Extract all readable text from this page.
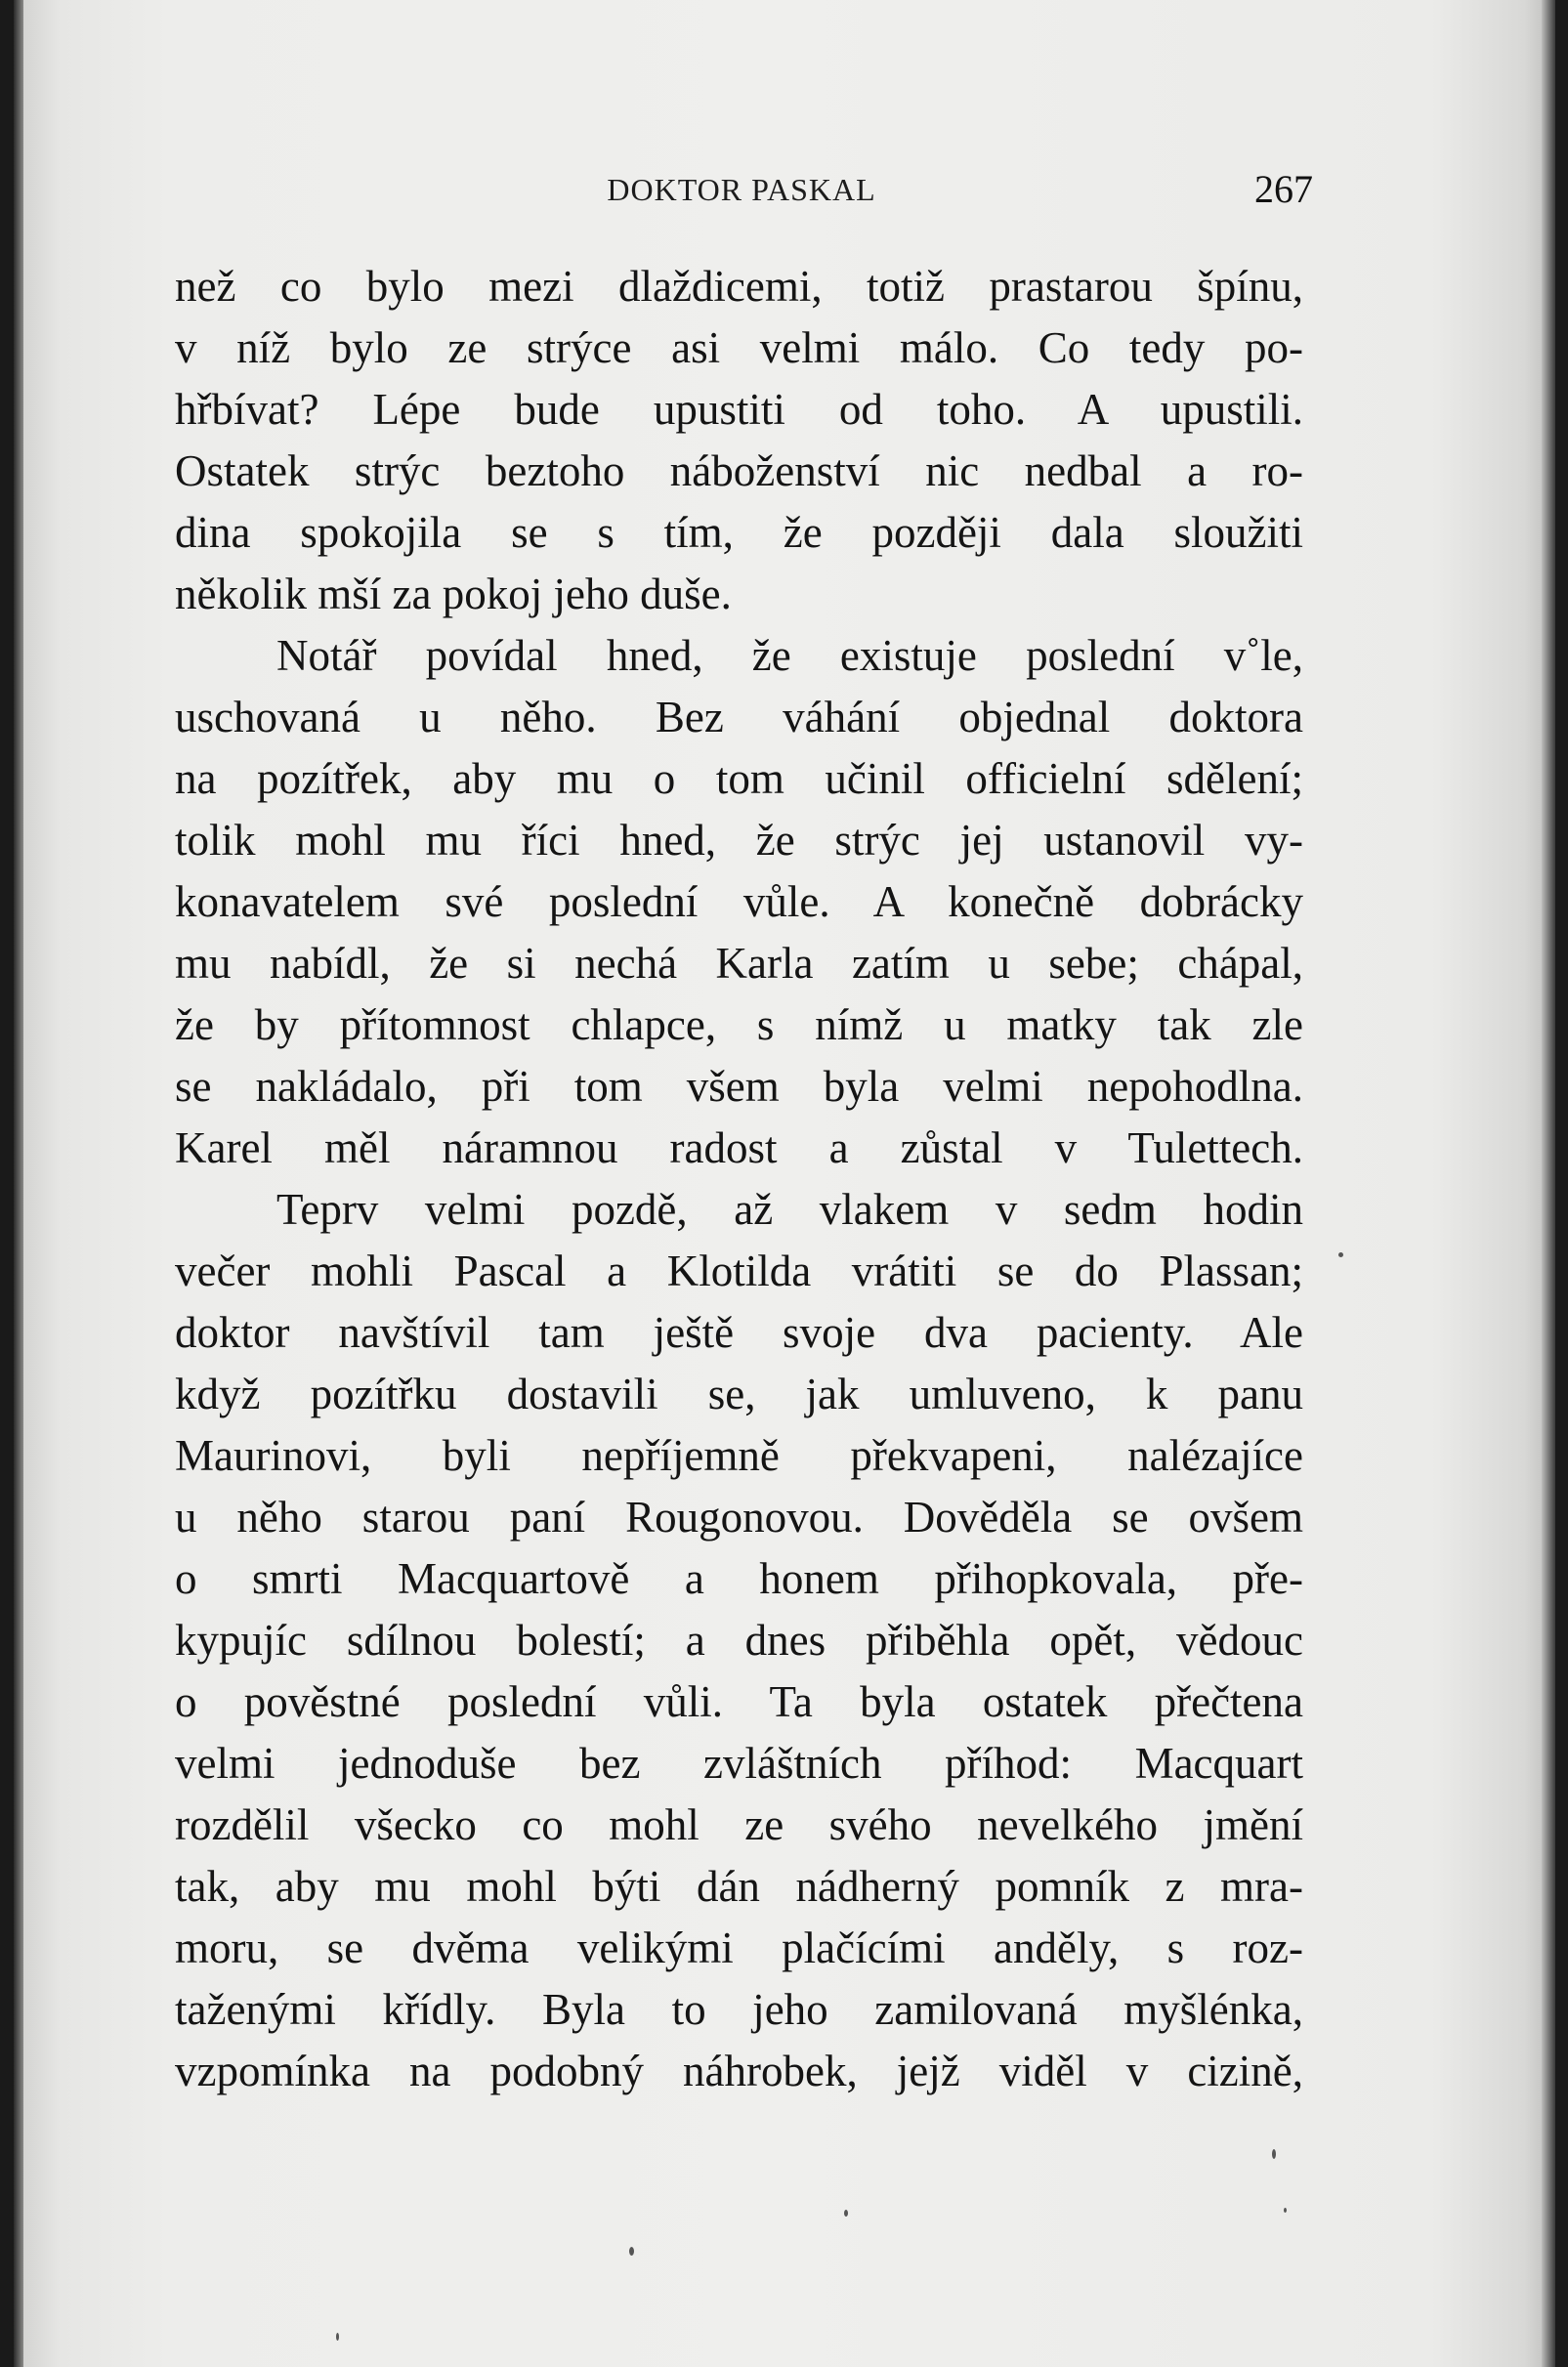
DOKTOR PASKAL	267
než co bylo mezi dlaždicemi, totiž prastarou špínu,
v níž bylo ze strýce asi velmi málo. Co tedy po-
hřbívat? Lépe bude upustiti od toho. A upustili.
Ostatek strýc beztoho náboženství nic nedbal a ro-
dina spokojila se s tím, že později dala sloužiti
několik mší za pokoj jeho duše.
Notář povídal hned, že existuje poslední v˚le,
uschovaná u něho. Bez váhání objednal doktora
na pozítřek, aby mu o tom učinil officielní sdělení;
tolik mohl mu říci hned, že strýc jej ustanovil vy-
konavatelem své poslední vůle. A konečně dobrácky
mu nabídl, že si nechá Karla zatím u sebe; chápal,
že by přítomnost chlapce, s nímž u matky tak zle
se nakládalo, při tom všem byla velmi nepohodlna.
Karel měl náramnou radost a zůstal v Tulettech.
Teprv velmi pozdě, až vlakem v sedm hodin
večer mohli Pascal a Klotilda vrátiti se do Plassan;
doktor navštívil tam ještě svoje dva pacienty. Ale
když pozítřku dostavili se, jak umluveno, k panu
Maurinovi, byli nepříjemně překvapeni, nalézajíce
u něho starou paní Rougonovou. Dověděla se ovšem
o smrti Macquartově a honem přihopkovala, pře-
kypujíc sdílnou bolestí; a dnes přiběhla opět, vědouc
o pověstné poslední vůli. Ta byla ostatek přečtena
velmi jednoduše bez zvláštních příhod: Macquart
rozdělil všecko co mohl ze svého nevelkého jmění
tak, aby mu mohl býti dán nádherný pomník z mra-
moru, se dvěma velikými plačícími anděly, s roz-
taženými křídly. Byla to jeho zamilovaná myšlénka,
vzpomínka na podobný náhrobek, jejž viděl v cizině,
